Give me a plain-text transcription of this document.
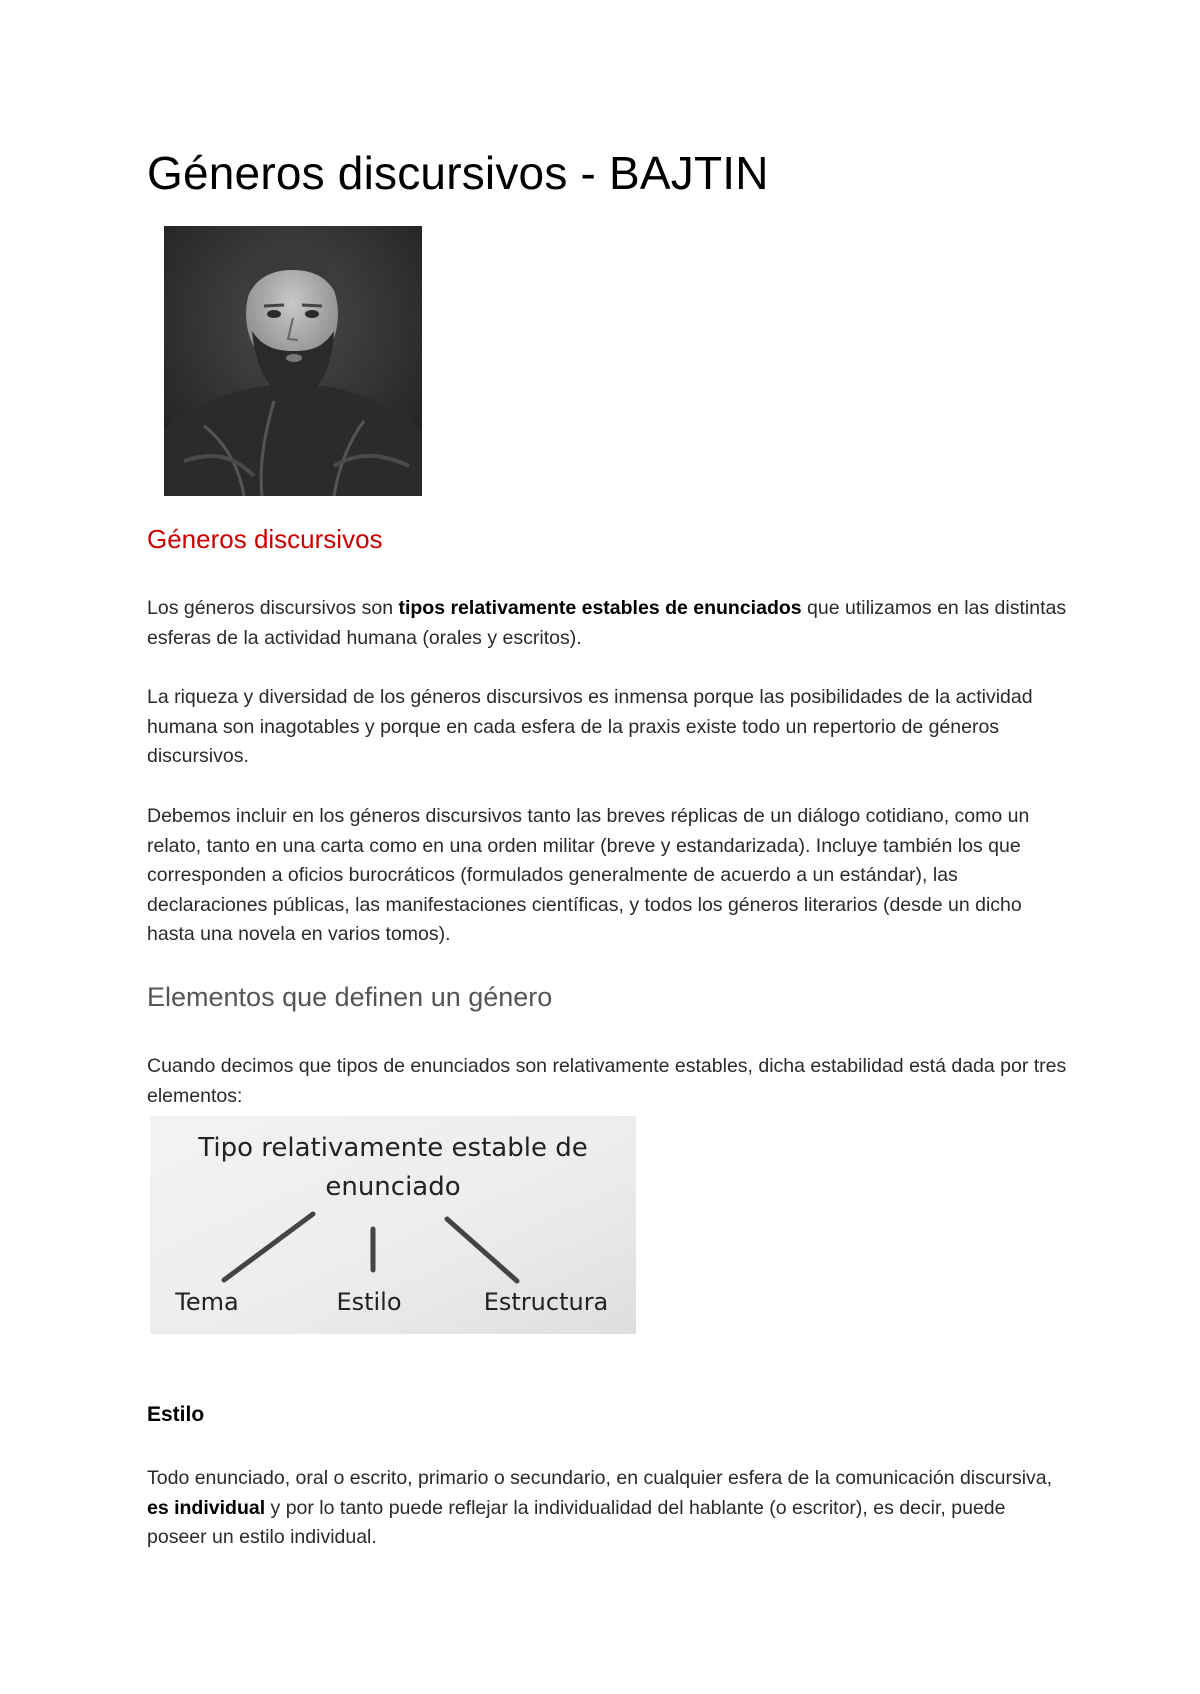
Géneros discursivos - BAJTIN
Géneros discursivos

Los géneros discursivos son tipos relativamente estables de enunciados que utilizamos en las distintas esferas de la actividad humana (orales y escritos).

La riqueza y diversidad de los géneros discursivos es inmensa porque las posibilidades de la actividad humana son inagotables y porque en cada esfera de la praxis existe todo un repertorio de géneros discursivos.

Debemos incluir en los géneros discursivos tanto las breves réplicas de un diálogo cotidiano, como un relato, tanto en una carta como en una orden militar (breve y estandarizada). Incluye también los que corresponden a oficios burocráticos (formulados generalmente de acuerdo a un estándar), las declaraciones públicas, las manifestaciones científicas, y todos los géneros literarios (desde un dicho hasta una novela en varios tomos).

Elementos que definen un género

Cuando decimos que tipos de enunciados son relativamente estables, dicha estabilidad está dada por tres elementos:

Tipo relativamente estable de
enunciado
Tema	Estilo	Estructura
Estilo

Todo enunciado, oral o escrito, primario o secundario, en cualquier esfera de la comunicación discursiva, es individual y por lo tanto puede reflejar la individualidad del hablante (o escritor), es decir, puede poseer un estilo individual.
